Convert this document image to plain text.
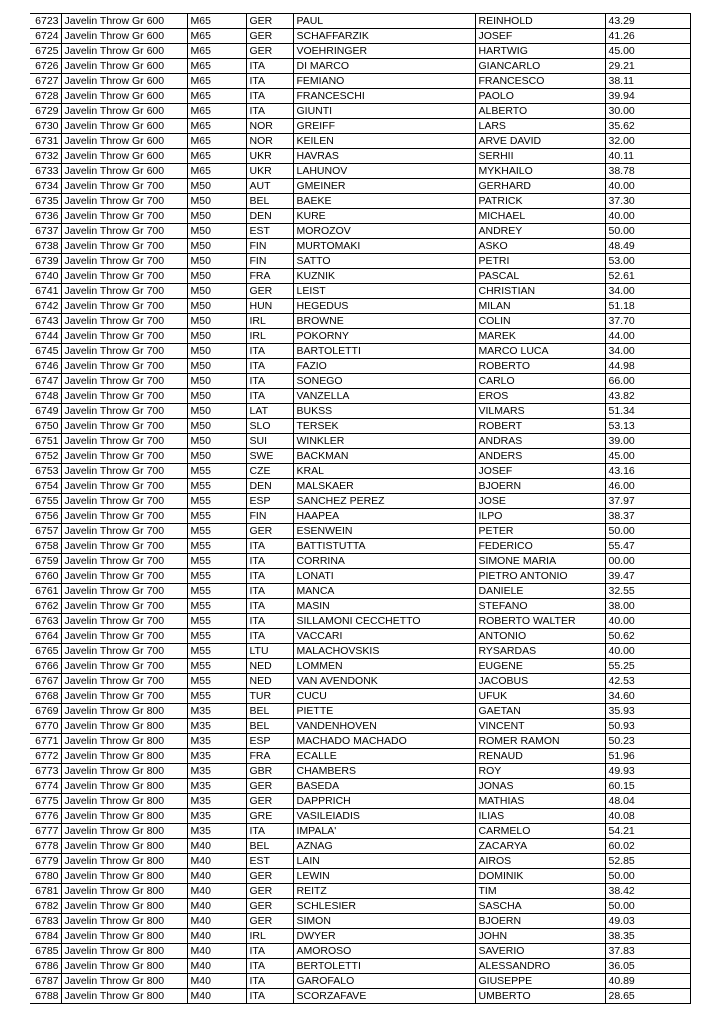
6723	Javelin Throw Gr 600	M65	GER	PAUL	REINHOLD	43.29
6724	Javelin Throw Gr 600	M65	GER	SCHAFFARZIK	JOSEF	41.26
6725	Javelin Throw Gr 600	M65	GER	VOEHRINGER	HARTWIG	45.00
6726	Javelin Throw Gr 600	M65	ITA	DI MARCO	GIANCARLO	29.21
6727	Javelin Throw Gr 600	M65	ITA	FEMIANO	FRANCESCO	38.11
6728	Javelin Throw Gr 600	M65	ITA	FRANCESCHI	PAOLO	39.94
6729	Javelin Throw Gr 600	M65	ITA	GIUNTI	ALBERTO	30.00
6730	Javelin Throw Gr 600	M65	NOR	GREIFF	LARS	35.62
6731	Javelin Throw Gr 600	M65	NOR	KEILEN	ARVE DAVID	32.00
6732	Javelin Throw Gr 600	M65	UKR	HAVRAS	SERHII	40.11
6733	Javelin Throw Gr 600	M65	UKR	LAHUNOV	MYKHAILO	38.78
6734	Javelin Throw Gr 700	M50	AUT	GMEINER	GERHARD	40.00
6735	Javelin Throw Gr 700	M50	BEL	BAEKE	PATRICK	37.30
6736	Javelin Throw Gr 700	M50	DEN	KURE	MICHAEL	40.00
6737	Javelin Throw Gr 700	M50	EST	MOROZOV	ANDREY	50.00
6738	Javelin Throw Gr 700	M50	FIN	MURTOMAKI	ASKO	48.49
6739	Javelin Throw Gr 700	M50	FIN	SATTO	PETRI	53.00
6740	Javelin Throw Gr 700	M50	FRA	KUZNIK	PASCAL	52.61
6741	Javelin Throw Gr 700	M50	GER	LEIST	CHRISTIAN	34.00
6742	Javelin Throw Gr 700	M50	HUN	HEGEDUS	MILAN	51.18
6743	Javelin Throw Gr 700	M50	IRL	BROWNE	COLIN	37.70
6744	Javelin Throw Gr 700	M50	IRL	POKORNY	MAREK	44.00
6745	Javelin Throw Gr 700	M50	ITA	BARTOLETTI	MARCO LUCA	34.00
6746	Javelin Throw Gr 700	M50	ITA	FAZIO	ROBERTO	44.98
6747	Javelin Throw Gr 700	M50	ITA	SONEGO	CARLO	66.00
6748	Javelin Throw Gr 700	M50	ITA	VANZELLA	EROS	43.82
6749	Javelin Throw Gr 700	M50	LAT	BUKSS	VILMARS	51.34
6750	Javelin Throw Gr 700	M50	SLO	TERSEK	ROBERT	53.13
6751	Javelin Throw Gr 700	M50	SUI	WINKLER	ANDRAS	39.00
6752	Javelin Throw Gr 700	M50	SWE	BACKMAN	ANDERS	45.00
6753	Javelin Throw Gr 700	M55	CZE	KRAL	JOSEF	43.16
6754	Javelin Throw Gr 700	M55	DEN	MALSKAER	BJOERN	46.00
6755	Javelin Throw Gr 700	M55	ESP	SANCHEZ PEREZ	JOSE	37.97
6756	Javelin Throw Gr 700	M55	FIN	HAAPEA	ILPO	38.37
6757	Javelin Throw Gr 700	M55	GER	ESENWEIN	PETER	50.00
6758	Javelin Throw Gr 700	M55	ITA	BATTISTUTTA	FEDERICO	55.47
6759	Javelin Throw Gr 700	M55	ITA	CORRINA	SIMONE MARIA	00.00
6760	Javelin Throw Gr 700	M55	ITA	LONATI	PIETRO ANTONIO	39.47
6761	Javelin Throw Gr 700	M55	ITA	MANCA	DANIELE	32.55
6762	Javelin Throw Gr 700	M55	ITA	MASIN	STEFANO	38.00
6763	Javelin Throw Gr 700	M55	ITA	SILLAMONI CECCHETTO	ROBERTO WALTER	40.00
6764	Javelin Throw Gr 700	M55	ITA	VACCARI	ANTONIO	50.62
6765	Javelin Throw Gr 700	M55	LTU	MALACHOVSKIS	RYSARDAS	40.00
6766	Javelin Throw Gr 700	M55	NED	LOMMEN	EUGENE	55.25
6767	Javelin Throw Gr 700	M55	NED	VAN AVENDONK	JACOBUS	42.53
6768	Javelin Throw Gr 700	M55	TUR	CUCU	UFUK	34.60
6769	Javelin Throw Gr 800	M35	BEL	PIETTE	GAETAN	35.93
6770	Javelin Throw Gr 800	M35	BEL	VANDENHOVEN	VINCENT	50.93
6771	Javelin Throw Gr 800	M35	ESP	MACHADO MACHADO	ROMER RAMON	50.23
6772	Javelin Throw Gr 800	M35	FRA	ECALLE	RENAUD	51.96
6773	Javelin Throw Gr 800	M35	GBR	CHAMBERS	ROY	49.93
6774	Javelin Throw Gr 800	M35	GER	BASEDA	JONAS	60.15
6775	Javelin Throw Gr 800	M35	GER	DAPPRICH	MATHIAS	48.04
6776	Javelin Throw Gr 800	M35	GRE	VASILEIADIS	ILIAS	40.08
6777	Javelin Throw Gr 800	M35	ITA	IMPALA'	CARMELO	54.21
6778	Javelin Throw Gr 800	M40	BEL	AZNAG	ZACARYA	60.02
6779	Javelin Throw Gr 800	M40	EST	LAIN	AIROS	52.85
6780	Javelin Throw Gr 800	M40	GER	LEWIN	DOMINIK	50.00
6781	Javelin Throw Gr 800	M40	GER	REITZ	TIM	38.42
6782	Javelin Throw Gr 800	M40	GER	SCHLESIER	SASCHA	50.00
6783	Javelin Throw Gr 800	M40	GER	SIMON	BJOERN	49.03
6784	Javelin Throw Gr 800	M40	IRL	DWYER	JOHN	38.35
6785	Javelin Throw Gr 800	M40	ITA	AMOROSO	SAVERIO	37.83
6786	Javelin Throw Gr 800	M40	ITA	BERTOLETTI	ALESSANDRO	36.05
6787	Javelin Throw Gr 800	M40	ITA	GAROFALO	GIUSEPPE	40.89
6788	Javelin Throw Gr 800	M40	ITA	SCORZAFAVE	UMBERTO	28.65
